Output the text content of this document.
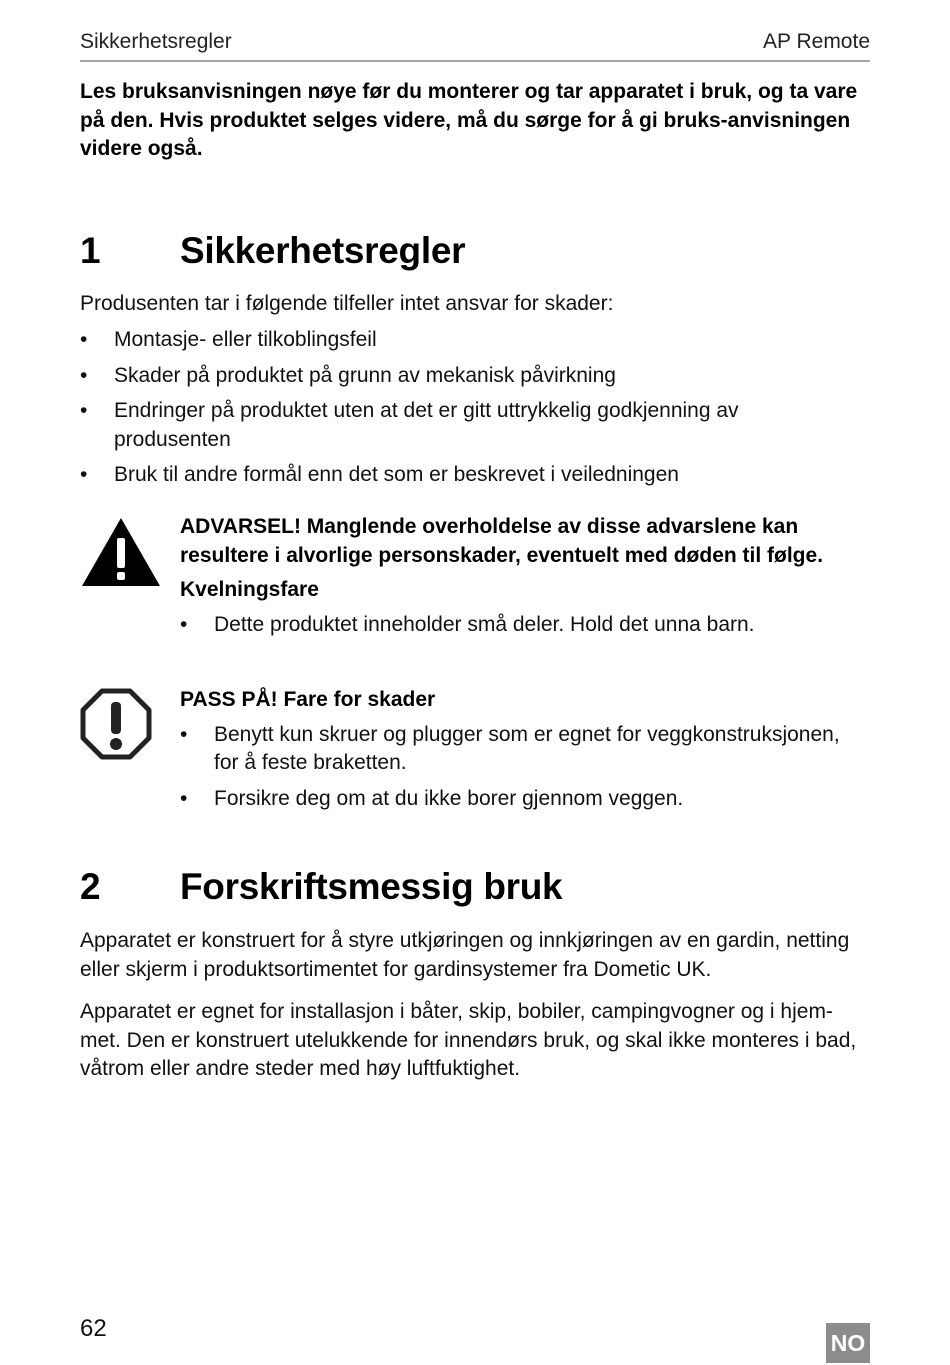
Sikkerhetsregler	AP Remote
Les bruksanvisningen nøye før du monterer og tar apparatet i bruk, og ta vare på den. Hvis produktet selges videre, må du sørge for å gi bruks-anvisningen videre også.
1 Sikkerhetsregler
Produsenten tar i følgende tilfeller intet ansvar for skader:
• Montasje- eller tilkoblingsfeil
• Skader på produktet på grunn av mekanisk påvirkning
• Endringer på produktet uten at det er gitt uttrykkelig godkjenning av produsenten
• Bruk til andre formål enn det som er beskrevet i veiledningen
ADVARSEL! Manglende overholdelse av disse advarslene kan resultere i alvorlige personskader, eventuelt med døden til følge.
Kvelningsfare
• Dette produktet inneholder små deler. Hold det unna barn.
PASS PÅ! Fare for skader
• Benytt kun skruer og plugger som er egnet for veggkonstruksjonen, for å feste braketten.
• Forsikre deg om at du ikke borer gjennom veggen.
2 Forskriftsmessig bruk
Apparatet er konstruert for å styre utkjøringen og innkjøringen av en gardin, netting eller skjerm i produktsortimentet for gardinsystemer fra Dometic UK.
Apparatet er egnet for installasjon i båter, skip, bobiler, campingvogner og i hjem-met. Den er konstruert utelukkende for innendørs bruk, og skal ikke monteres i bad, våtrom eller andre steder med høy luftfuktighet.
62
NO
